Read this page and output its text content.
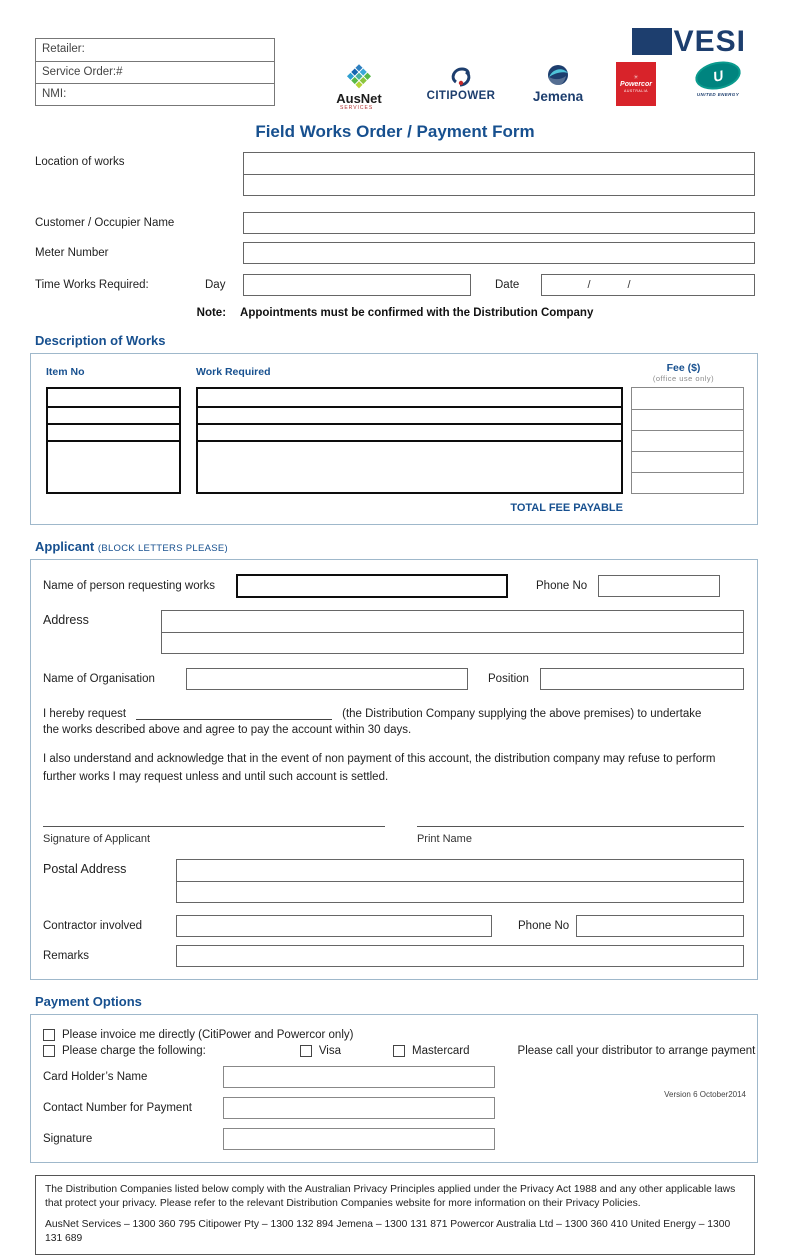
Retailer:
Service Order:#
NMI:
VESI
AusNet
SERVICES
CITIPOWER	Jemena
☀
Powercor
AUSTRALIA
U
UNITED ENERGY
Field Works Order / Payment Form
Location of works
Customer / Occupier Name
Meter Number
Time Works Required:	Day	Date	/	/
Note: Appointments must be confirmed with the Distribution Company
Description of Works
Item No	Work Required	Fee ($)
(office use only)
TOTAL FEE PAYABLE
Applicant (BLOCK LETTERS PLEASE)
Name of person requesting works	Phone No
Address
Name of Organisation	Position
I hereby request	(the Distribution Company supplying the above premises) to undertake
the works described above and agree to pay the account within 30 days.
I also understand and acknowledge that in the event of non payment of this account, the distribution company may refuse to perform further works I may request unless and until such account is settled.
Signature of Applicant	Print Name
Postal Address
Contractor involved	Phone No
Remarks
Payment Options
Please invoice me directly (CitiPower and Powercor only)
Please charge the following:	Visa	Mastercard	Please call your distributor to arrange payment
Card Holder’s Name
Contact Number for Payment
Signature

The Distribution Companies listed below comply with the Australian Privacy Principles applied under the Privacy Act 1988 and any other applicable laws that protect your privacy. Please refer to the relevant Distribution Companies website for more information on their Privacy Policies.

AusNet Services – 1300 360 795 Citipower Pty – 1300 132 894 Jemena – 1300 131 871 Powercor Australia Ltd – 1300 360 410 United Energy – 1300 131 689

Version 6 October2014
